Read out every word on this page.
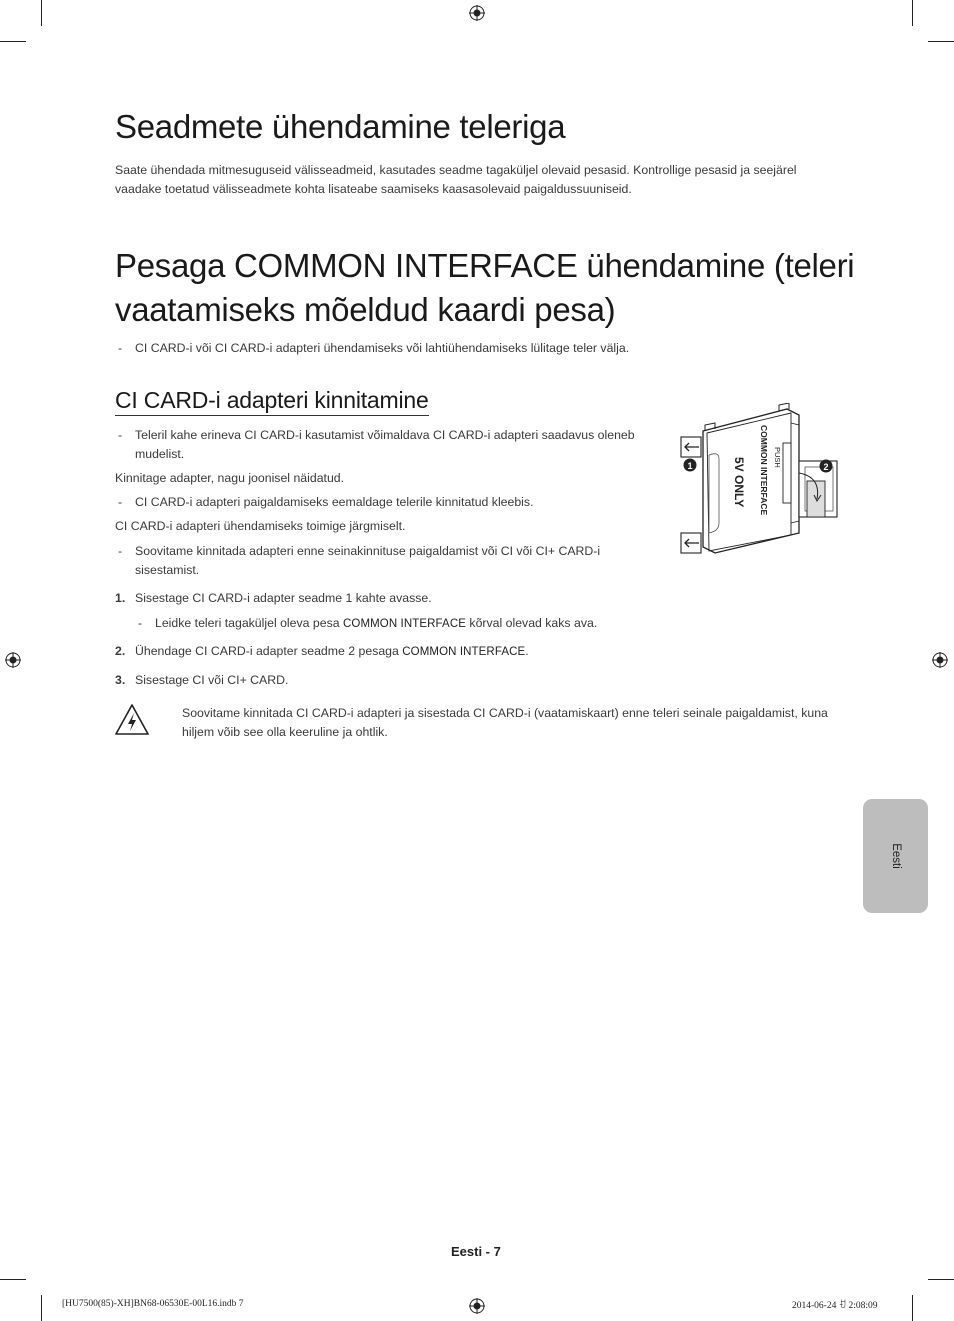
Seadmete ühendamine teleriga

Saate ühendada mitmesuguseid välisseadmeid, kasutades seadme tagaküljel olevaid pesasid. Kontrollige pesasid ja seejärel vaadake toetatud välisseadmete kohta lisateabe saamiseks kaasasolevaid paigaldussuuniseid.

Pesaga COMMON INTERFACE ühendamine (teleri vaatamiseks mõeldud kaardi pesa)
- CI CARD-i või CI CARD-i adapteri ühendamiseks või lahtiühendamiseks lülitage teler välja.

CI CARD-i adapteri kinnitamine
- Teleril kahe erineva CI CARD-i kasutamist võimaldava CI CARD-i adapteri saadavus oleneb mudelist.

Kinnitage adapter, nagu joonisel näidatud.

- CI CARD-i adapteri paigaldamiseks eemaldage telerile kinnitatud kleebis.

CI CARD-i adapteri ühendamiseks toimige järgmiselt.

- Soovitame kinnitada adapteri enne seinakinnituse paigaldamist või CI või CI+ CARD-i sisestamist.

1. Sisestage CI CARD-i adapter seadme 1 kahte avasse.

- Leidke teleri tagaküljel oleva pesa COMMON INTERFACE kõrval olevad kaks ava.

2. Ühendage CI CARD-i adapter seadme 2 pesaga COMMON INTERFACE.

3. Sisestage CI või CI+ CARD.

Soovitame kinnitada CI CARD-i adapteri ja sisestada CI CARD-i (vaatamiskaart) enne teleri seinale paigaldamist, kuna hiljem võib see olla keeruline ja ohtlik.

COMMON INTERFACE PUSH
5V ONLY
1	2
Eesti
Eesti - 7
[HU7500(85)-XH]BN68-06530E-00L16.indb 7	2014-06-24 ꀀ 2:08:09
